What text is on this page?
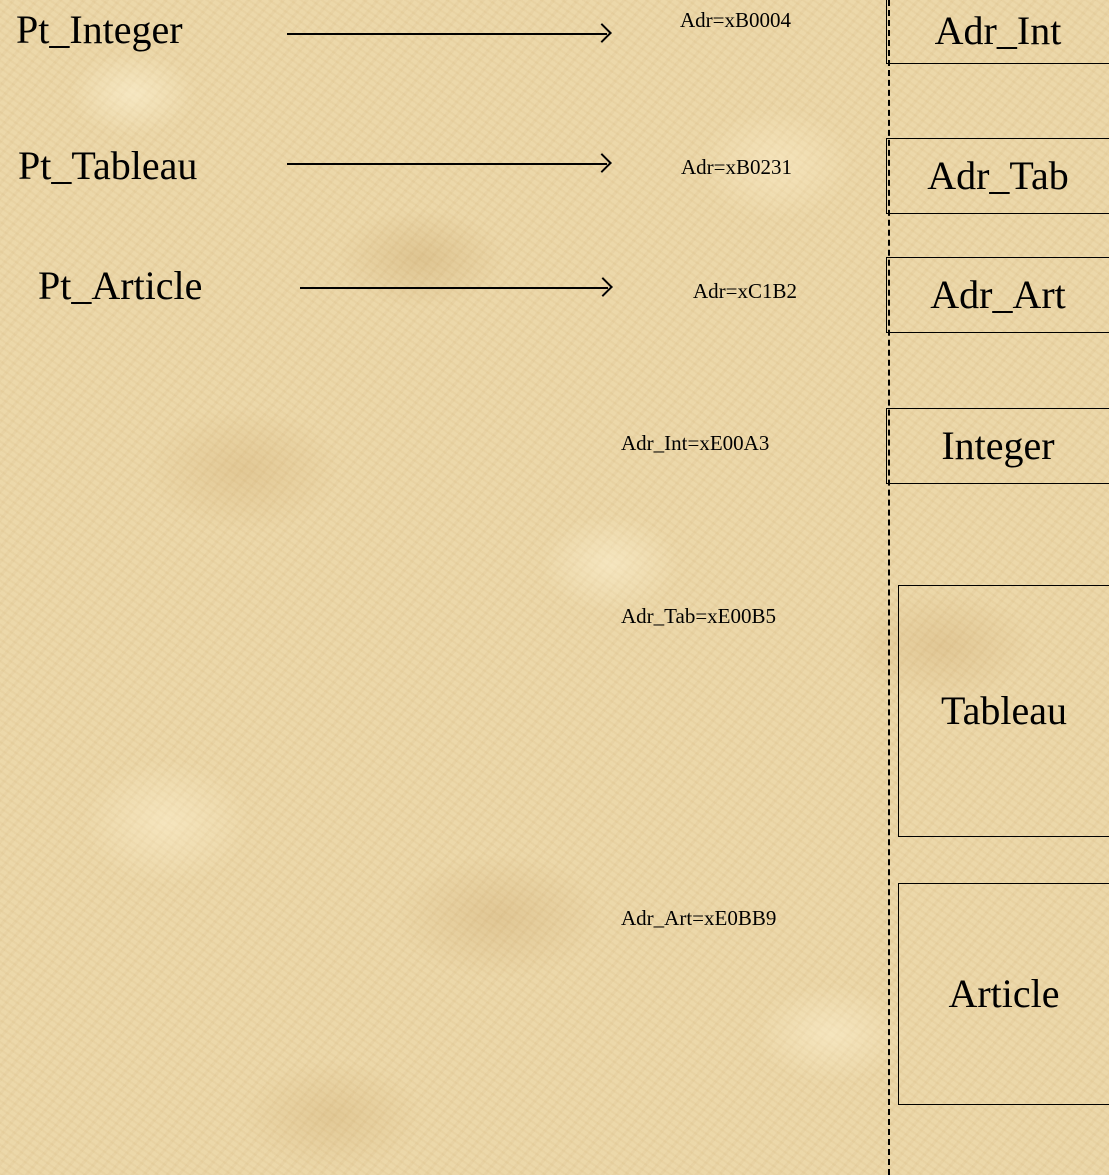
Pt_Integer
Pt_Tableau
Pt_Article
Adr=xB0004
Adr=xB0231
Adr=xC1B2
Adr_Int=xE00A3
Adr_Tab=xE00B5
Adr_Art=xE0BB9
Adr_Int
Adr_Tab
Adr_Art
Integer
Tableau
Article
